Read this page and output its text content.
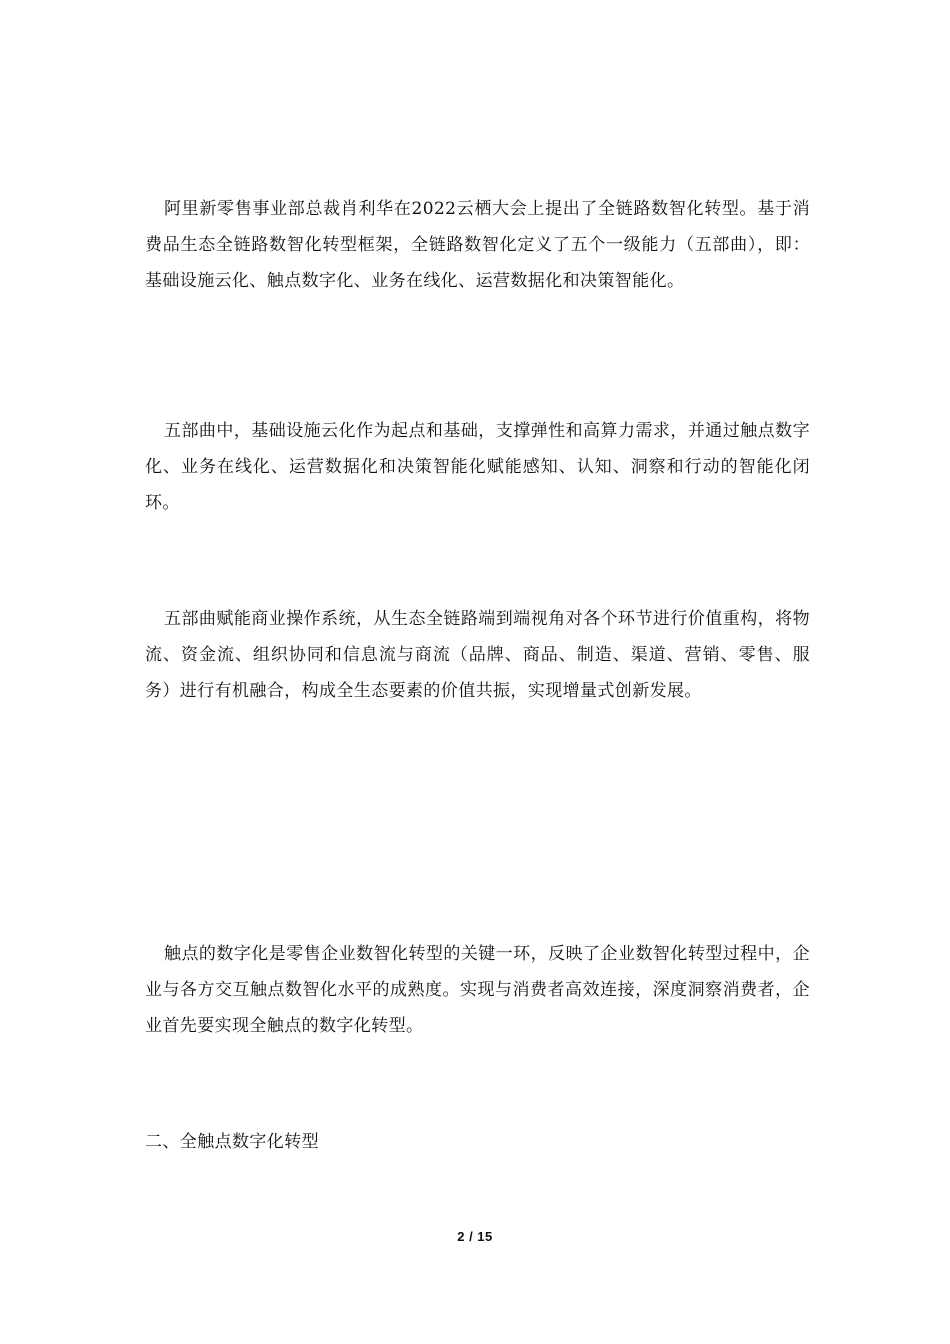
阿里新零售事业部总裁肖利华在2022云栖大会上提出了全链路数智化转型。基于消费品生态全链路数智化转型框架，全链路数智化定义了五个一级能力（五部曲），即：基础设施云化、触点数字化、业务在线化、运营数据化和决策智能化。

五部曲中，基础设施云化作为起点和基础，支撑弹性和高算力需求，并通过触点数字化、业务在线化、运营数据化和决策智能化赋能感知、认知、洞察和行动的智能化闭环。

五部曲赋能商业操作系统，从生态全链路端到端视角对各个环节进行价值重构，将物流、资金流、组织协同和信息流与商流（品牌、商品、制造、渠道、营销、零售、服务）进行有机融合，构成全生态要素的价值共振，实现增量式创新发展。

触点的数字化是零售企业数智化转型的关键一环，反映了企业数智化转型过程中，企业与各方交互触点数智化水平的成熟度。实现与消费者高效连接，深度洞察消费者，企业首先要实现全触点的数字化转型。

二、全触点数字化转型
2 / 15
